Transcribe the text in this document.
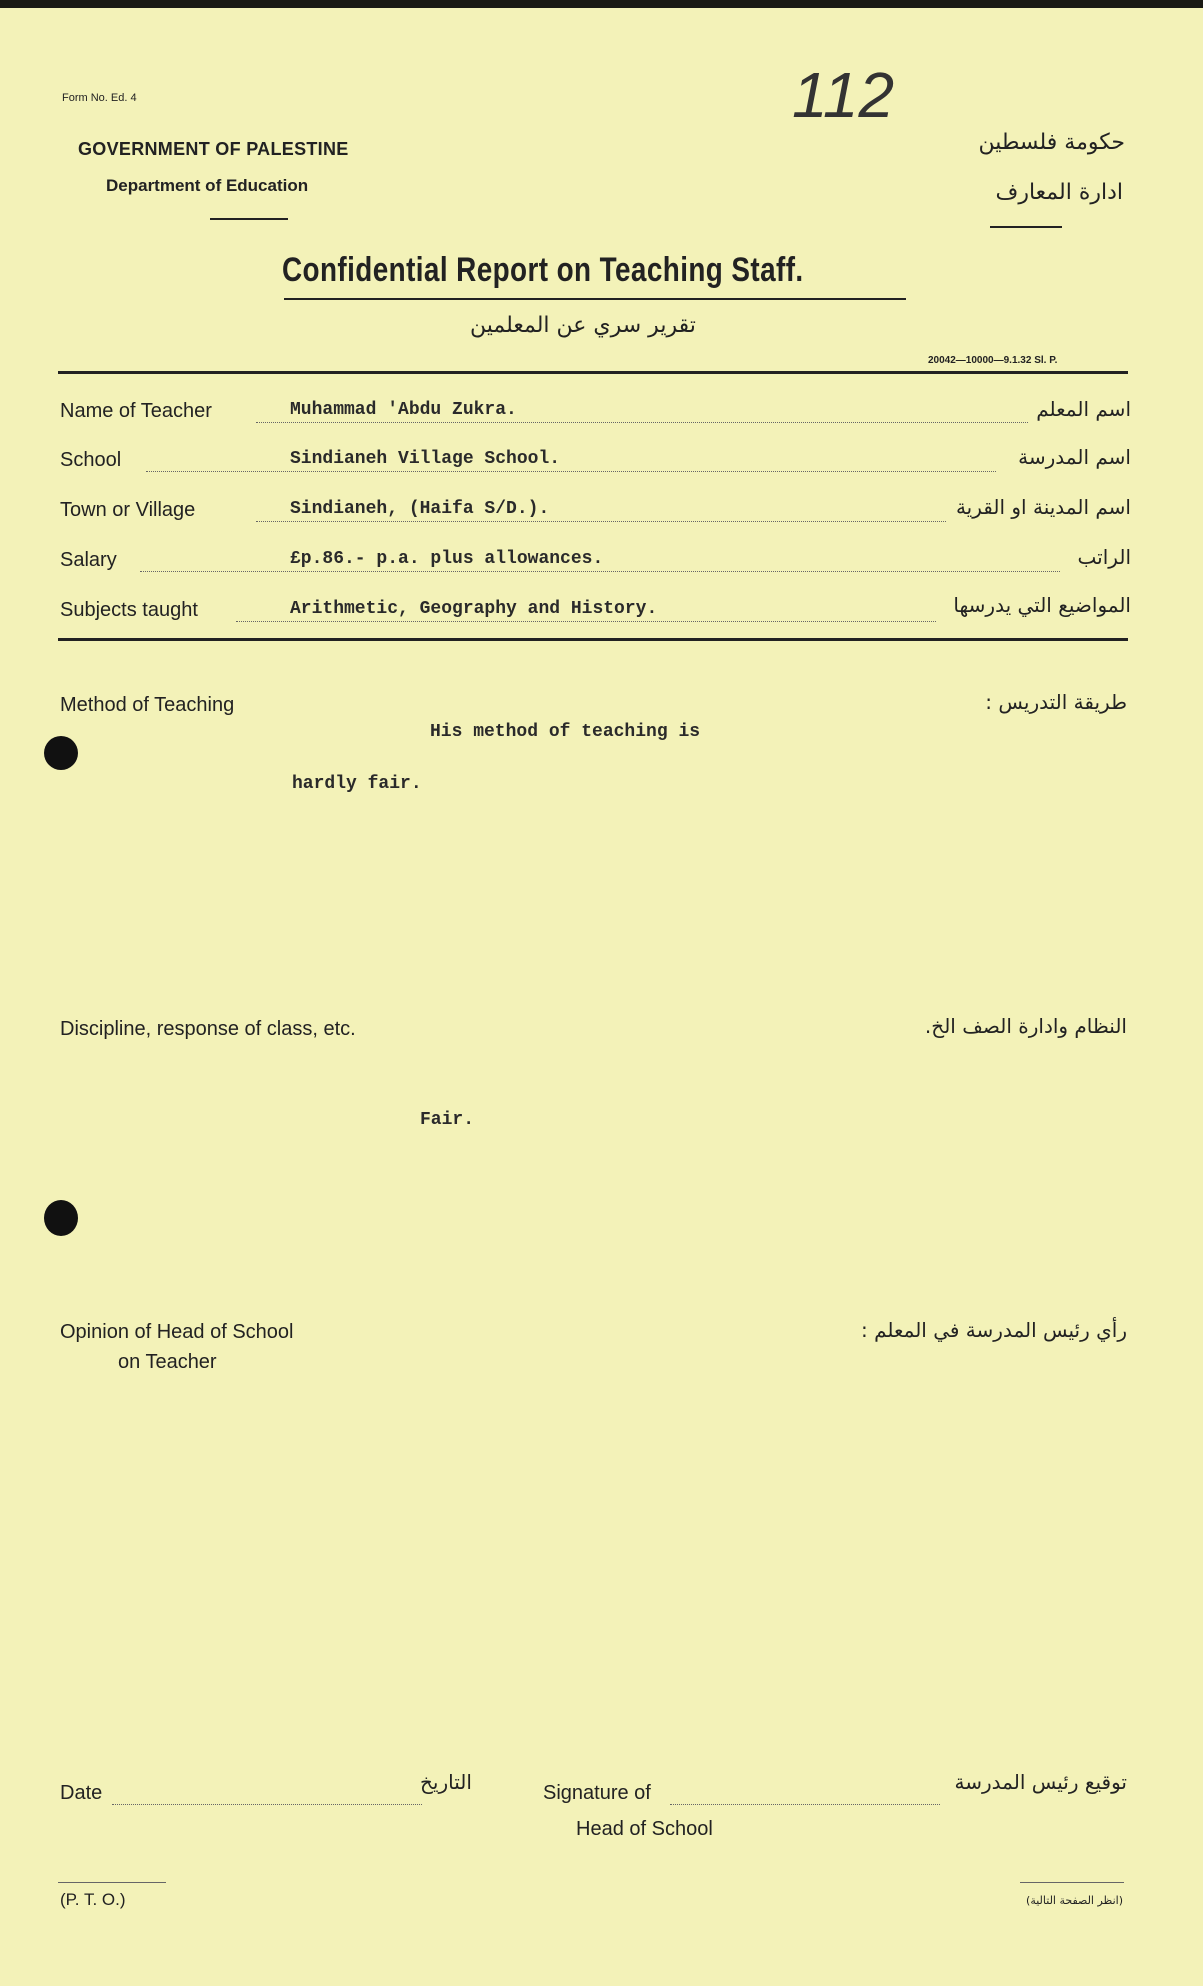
112
Form No. Ed. 4
GOVERNMENT OF PALESTINE
Department of Education
حكومة فلسطين
ادارة المعارف
Confidential Report on Teaching Staff.
تقرير سري عن المعلمين
20042—10000—9.1.32 Sl. P.
Name of Teacher	Muhammad 'Abdu Zukra.	اسم المعلم
School	Sindianeh Village School.	اسم المدرسة
Town or Village	Sindianeh, (Haifa S/D.).	اسم المدينة او القرية
Salary	£p.86.- p.a. plus allowances.	الراتب
Subjects taught	Arithmetic, Geography and History.	المواضيع التي يدرسها
Method of Teaching	طريقة التدريس :
His method of teaching is
hardly fair.
Discipline, response of class, etc.	النظام وادارة الصف الخ.
Fair.
Opinion of Head of School
on Teacher
رأي رئيس المدرسة في المعلم :
Date	التاريخ	Signature of
Head of School
توقيع رئيس المدرسة
(P. T. O.)	(انظر الصفحة التالية)
